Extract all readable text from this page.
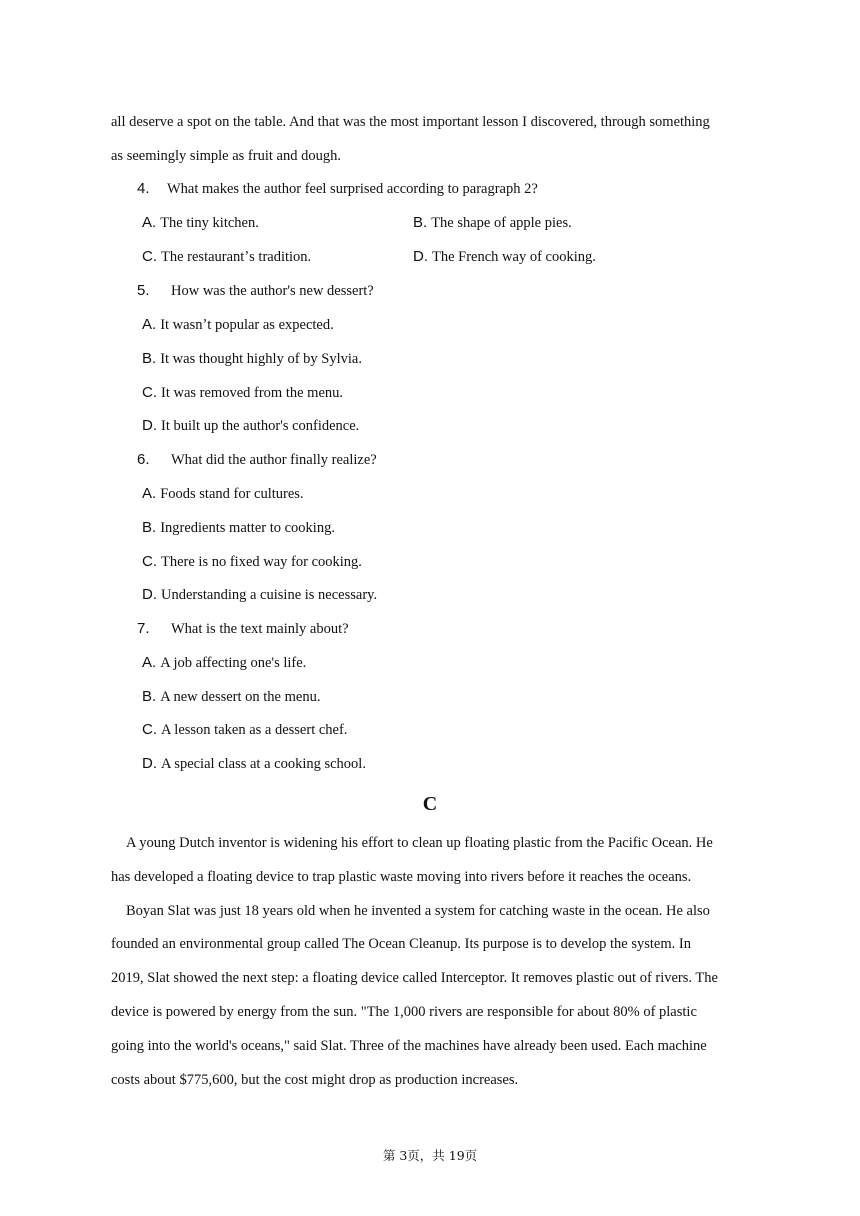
all deserve a spot on the table. And that was the most important lesson I discovered, through something
as seemingly simple as fruit and dough.
4. What makes the author feel surprised according to paragraph 2?
A. The tiny kitchen.	B. The shape of apple pies.
C. The restaurantʼs tradition.	D. The French way of cooking.
5. How was the author's new dessert?
A. It wasnʼt popular as expected.
B. It was thought highly of by Sylvia.
C. It was removed from the menu.
D. It built up the author's confidence.
6. What did the author finally realize?
A. Foods stand for cultures.
B. Ingredients matter to cooking.
C. There is no fixed way for cooking.
D. Understanding a cuisine is necessary.
7. What is the text mainly about?
A. A job affecting one's life.
B. A new dessert on the menu.
C. A lesson taken as a dessert chef.
D. A special class at a cooking school.
C
A young Dutch inventor is widening his effort to clean up floating plastic from the Pacific Ocean. He
has developed a floating device to trap plastic waste moving into rivers before it reaches the oceans.
Boyan Slat was just 18 years old when he invented a system for catching waste in the ocean. He also
founded an environmental group called The Ocean Cleanup. Its purpose is to develop the system. In
2019, Slat showed the next step: a floating device called Interceptor. It removes plastic out of rivers. The
device is powered by energy from the sun. "The 1,000 rivers are responsible for about 80% of plastic
going into the world's oceans," said Slat. Three of the machines have already been used. Each machine
costs about $775,600, but the cost might drop as production increases.
第 3页，共 19页
